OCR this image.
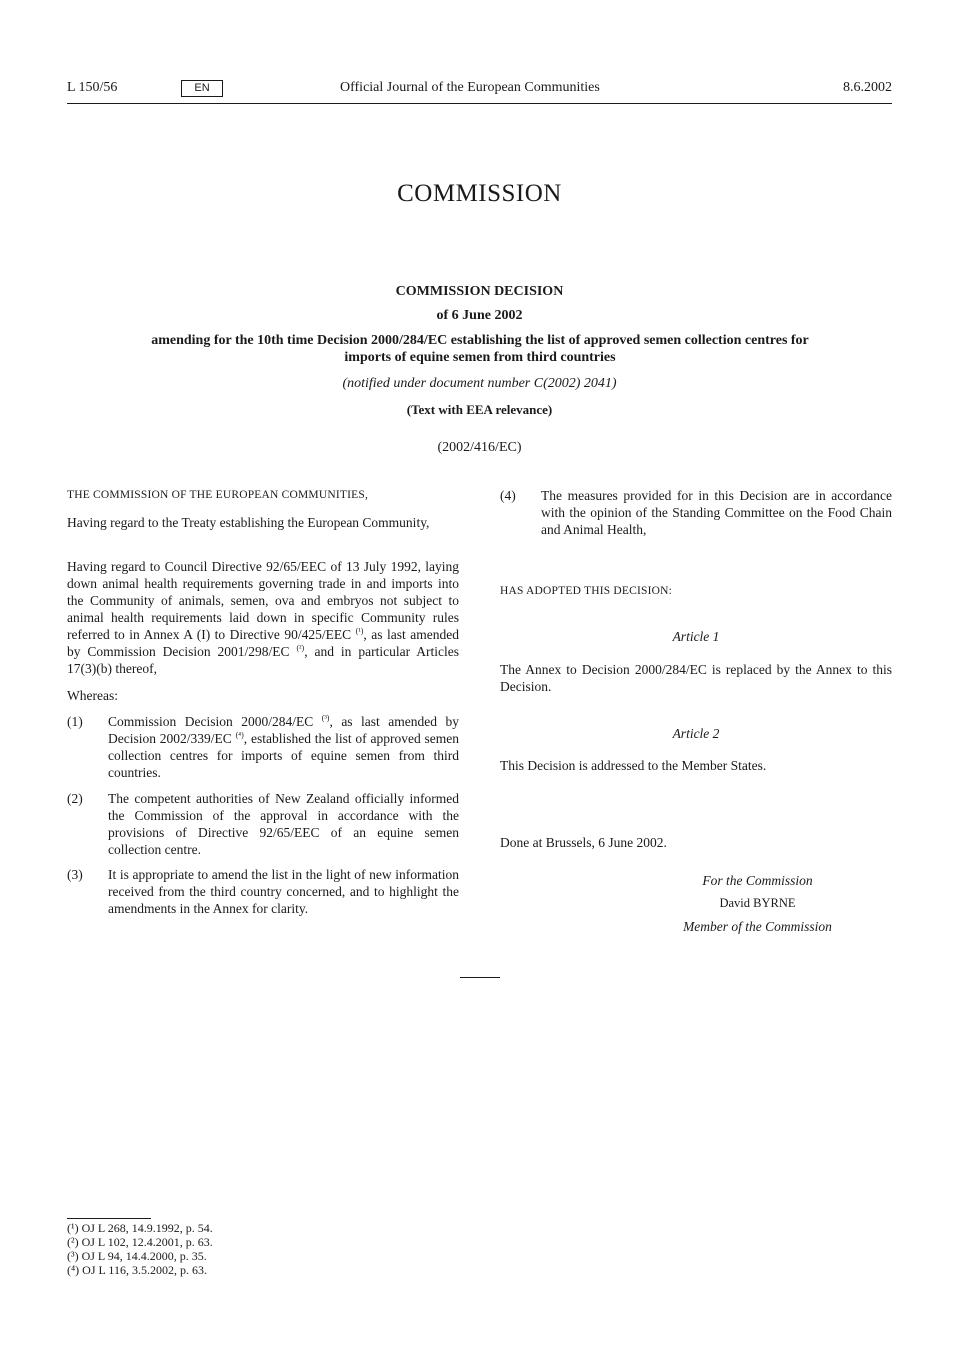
L 150/56	EN	Official Journal of the European Communities	8.6.2002
COMMISSION
COMMISSION DECISION
of 6 June 2002
amending for the 10th time Decision 2000/284/EC establishing the list of approved semen collection centres for imports of equine semen from third countries
(notified under document number C(2002) 2041)
(Text with EEA relevance)
(2002/416/EC)
THE COMMISSION OF THE EUROPEAN COMMUNITIES,
Having regard to the Treaty establishing the European Community,
Having regard to Council Directive 92/65/EEC of 13 July 1992, laying down animal health requirements governing trade in and imports into the Community of animals, semen, ova and embryos not subject to animal health requirements laid down in specific Community rules referred to in Annex A (I) to Directive 90/425/EEC $^{(^1)}$, as last amended by Commission Decision 2001/298/EC $^{(^2)}$, and in particular Articles 17(3)(b) thereof,
Whereas:
(1) Commission Decision 2000/284/EC $^{(^3)}$, as last amended by Decision 2002/339/EC $^{(^4)}$, established the list of approved semen collection centres for imports of equine semen from third countries.
(2) The competent authorities of New Zealand officially informed the Commission of the approval in accordance with the provisions of Directive 92/65/EEC of an equine semen collection centre.
(3) It is appropriate to amend the list in the light of new information received from the third country concerned, and to highlight the amendments in the Annex for clarity.
(4) The measures provided for in this Decision are in accordance with the opinion of the Standing Committee on the Food Chain and Animal Health,
HAS ADOPTED THIS DECISION:
Article 1
The Annex to Decision 2000/284/EC is replaced by the Annex to this Decision.
Article 2
This Decision is addressed to the Member States.
Done at Brussels, 6 June 2002.
For the Commission
David BYRNE
Member of the Commission
(¹) OJ L 268, 14.9.1992, p. 54.
(²) OJ L 102, 12.4.2001, p. 63.
(³) OJ L 94, 14.4.2000, p. 35.
(⁴) OJ L 116, 3.5.2002, p. 63.
